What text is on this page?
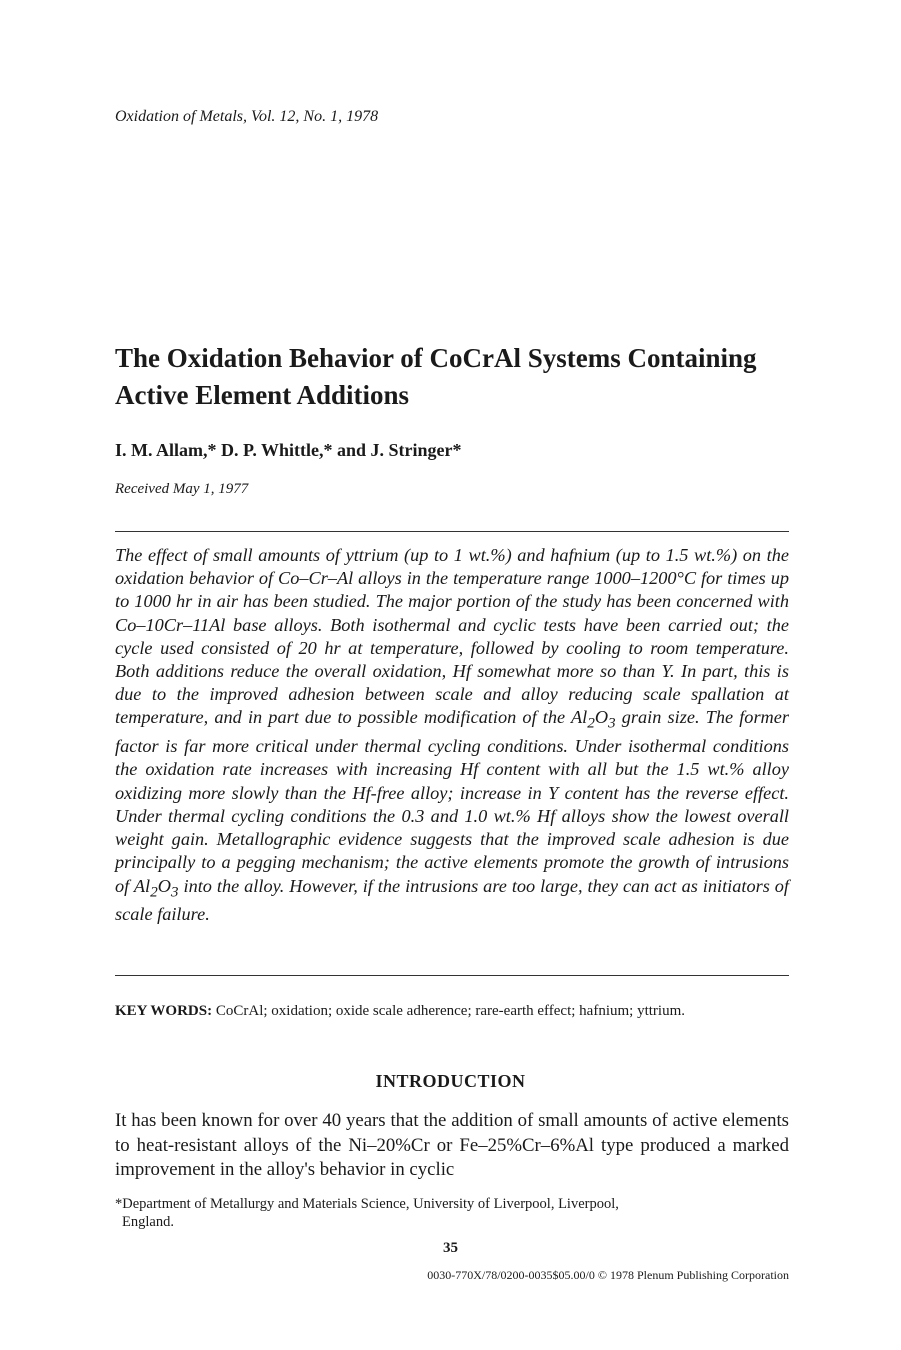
Oxidation of Metals, Vol. 12, No. 1, 1978
The Oxidation Behavior of CoCrAl Systems Containing Active Element Additions
I. M. Allam,* D. P. Whittle,* and J. Stringer*
Received May 1, 1977

The effect of small amounts of yttrium (up to 1 wt.%) and hafnium (up to 1.5 wt.%) on the oxidation behavior of Co–Cr–Al alloys in the temperature range 1000–1200°C for times up to 1000 hr in air has been studied. The major portion of the study has been concerned with Co–10Cr–11Al base alloys. Both isothermal and cyclic tests have been carried out; the cycle used consisted of 20 hr at temperature, followed by cooling to room temperature. Both additions reduce the overall oxidation, Hf somewhat more so than Y. In part, this is due to the improved adhesion between scale and alloy reducing scale spallation at temperature, and in part due to possible modification of the $Al_2O_3$ grain size. The former factor is far more critical under thermal cycling conditions. Under isothermal conditions the oxidation rate increases with increasing Hf content with all but the 1.5 wt.% alloy oxidizing more slowly than the Hf-free alloy; increase in Y content has the reverse effect. Under thermal cycling conditions the 0.3 and 1.0 wt.% Hf alloys show the lowest overall weight gain. Metallographic evidence suggests that the improved scale adhesion is due principally to a pegging mechanism; the active elements promote the growth of intrusions of $Al_2O_3$ into the alloy. However, if the intrusions are too large, they can act as initiators of scale failure.

KEY WORDS: CoCrAl; oxidation; oxide scale adherence; rare-earth effect; hafnium; yttrium.

INTRODUCTION

It has been known for over 40 years that the addition of small amounts of active elements to heat-resistant alloys of the Ni–20%Cr or Fe–25%Cr–6%Al type produced a marked improvement in the alloy's behavior in cyclic

*Department of Metallurgy and Materials Science, University of Liverpool, Liverpool,
England.

35
0030-770X/78/0200-0035$05.00/0 © 1978 Plenum Publishing Corporation
